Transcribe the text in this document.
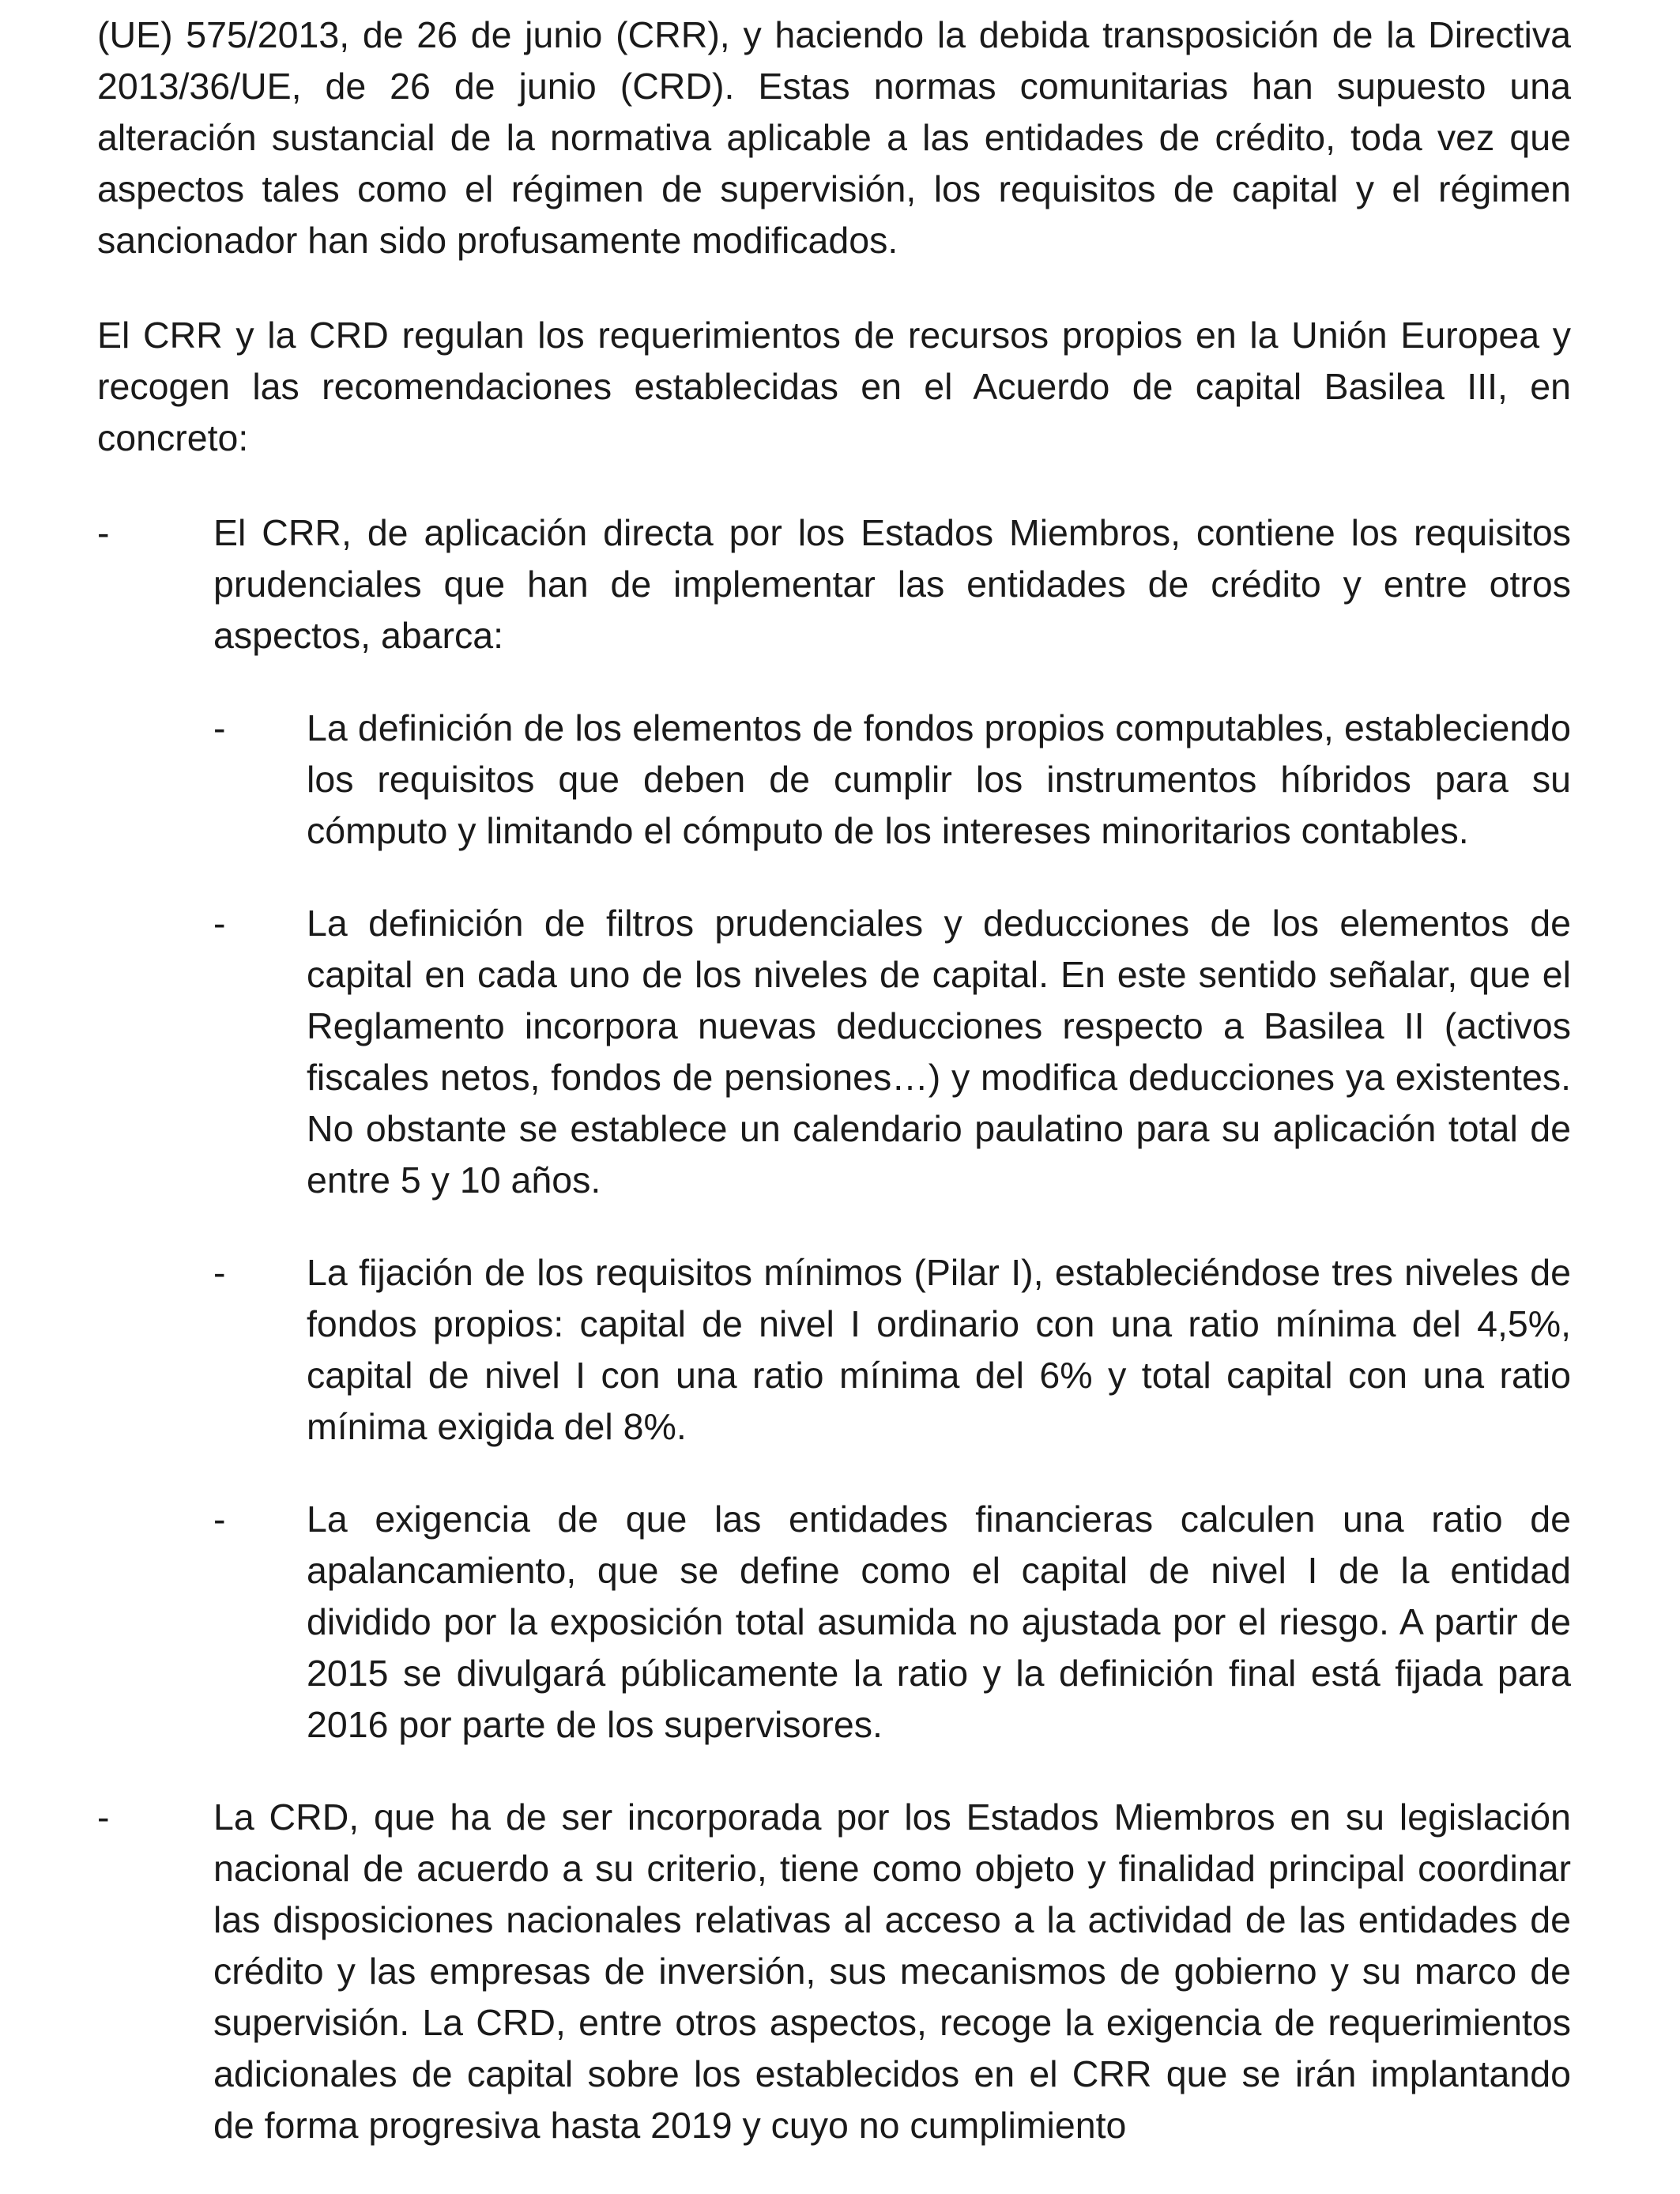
(UE) 575/2013, de 26 de junio (CRR), y haciendo la debida transposición de la Directiva 2013/36/UE, de 26 de junio (CRD). Estas normas comunitarias han supuesto una alteración sustancial de la normativa aplicable a las entidades de crédito, toda vez que aspectos tales como el régimen de supervisión, los requisitos de capital y el régimen sancionador han sido profusamente modificados.

El CRR y la CRD regulan los requerimientos de recursos propios en la Unión Europea y recogen las recomendaciones establecidas en el Acuerdo de capital Basilea III, en concreto:

-	El CRR, de aplicación directa por los Estados Miembros, contiene los requisitos prudenciales que han de implementar las entidades de crédito y entre otros aspectos, abarca:
- La definición de los elementos de fondos propios computables, estableciendo los requisitos que deben de cumplir los instrumentos híbridos para su cómputo y limitando el cómputo de los intereses minoritarios contables.
- La definición de filtros prudenciales y deducciones de los elementos de capital en cada uno de los niveles de capital. En este sentido señalar, que el Reglamento incorpora nuevas deducciones respecto a Basilea II (activos fiscales netos, fondos de pensiones…) y modifica deducciones ya existentes. No obstante se establece un calendario paulatino para su aplicación total de entre 5 y 10 años.
- La fijación de los requisitos mínimos (Pilar I), estableciéndose tres niveles de fondos propios: capital de nivel I ordinario con una ratio mínima del 4,5%, capital de nivel I con una ratio mínima del 6% y total capital con una ratio mínima exigida del 8%.
- La exigencia de que las entidades financieras calculen una ratio de apalancamiento, que se define como el capital de nivel I de la entidad dividido por la exposición total asumida no ajustada por el riesgo. A partir de 2015 se divulgará públicamente la ratio y la definición final está fijada para 2016 por parte de los supervisores.
-	La CRD, que ha de ser incorporada por los Estados Miembros en su legislación nacional de acuerdo a su criterio, tiene como objeto y finalidad principal coordinar las disposiciones nacionales relativas al acceso a la actividad de las entidades de crédito y las empresas de inversión, sus mecanismos de gobierno y su marco de supervisión. La CRD, entre otros aspectos, recoge la exigencia de requerimientos adicionales de capital sobre los establecidos en el CRR que se irán implantando de forma progresiva hasta 2019 y cuyo no cumplimiento
